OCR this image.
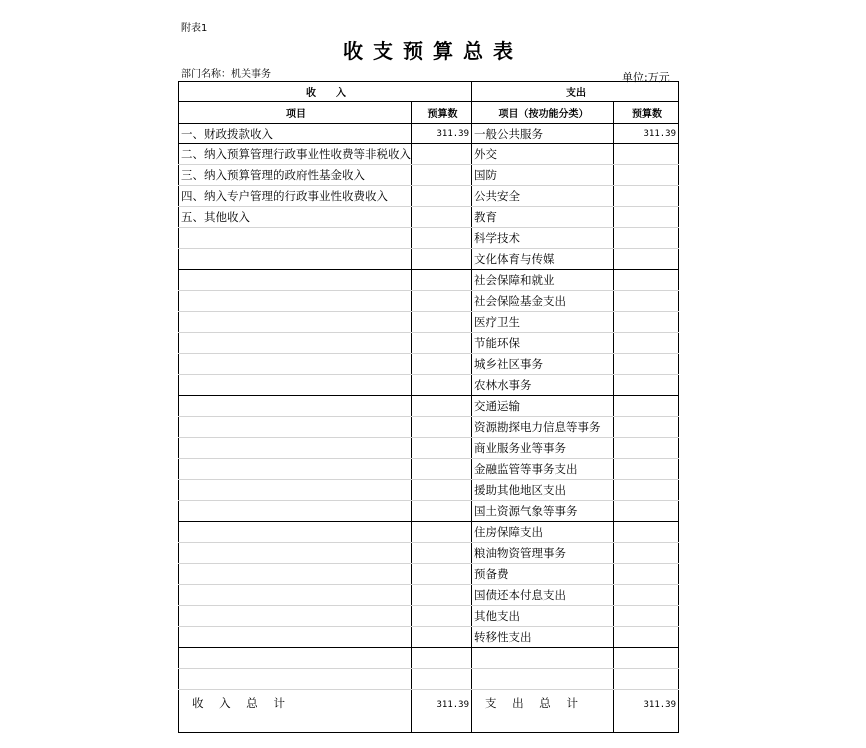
附表1
收支预算总表
部门名称：机关事务	单位:万元
收　　入		支出	
项目	预算数	项目（按功能分类）	预算数
一、财政拨款收入	311.39	一般公共服务	311.39
二、纳入预算管理行政事业性收费等非税收入		外交	
三、纳入预算管理的政府性基金收入		国防	
四、纳入专户管理的行政事业性收费收入		公共安全	
五、其他收入		教育	
		科学技术	
		文化体育与传媒	
		社会保障和就业	
		社会保险基金支出	
		医疗卫生	
		节能环保	
		城乡社区事务	
		农林水事务	
		交通运输	
		资源勘探电力信息等事务	
		商业服务业等事务	
		金融监管等事务支出	
		援助其他地区支出	
		国土资源气象等事务	
		住房保障支出	
		粮油物资管理事务	
		预备费	
		国债还本付息支出	
		其他支出	
		转移性支出	

收 入 总 计	311.39	支 出 总 计	311.39
